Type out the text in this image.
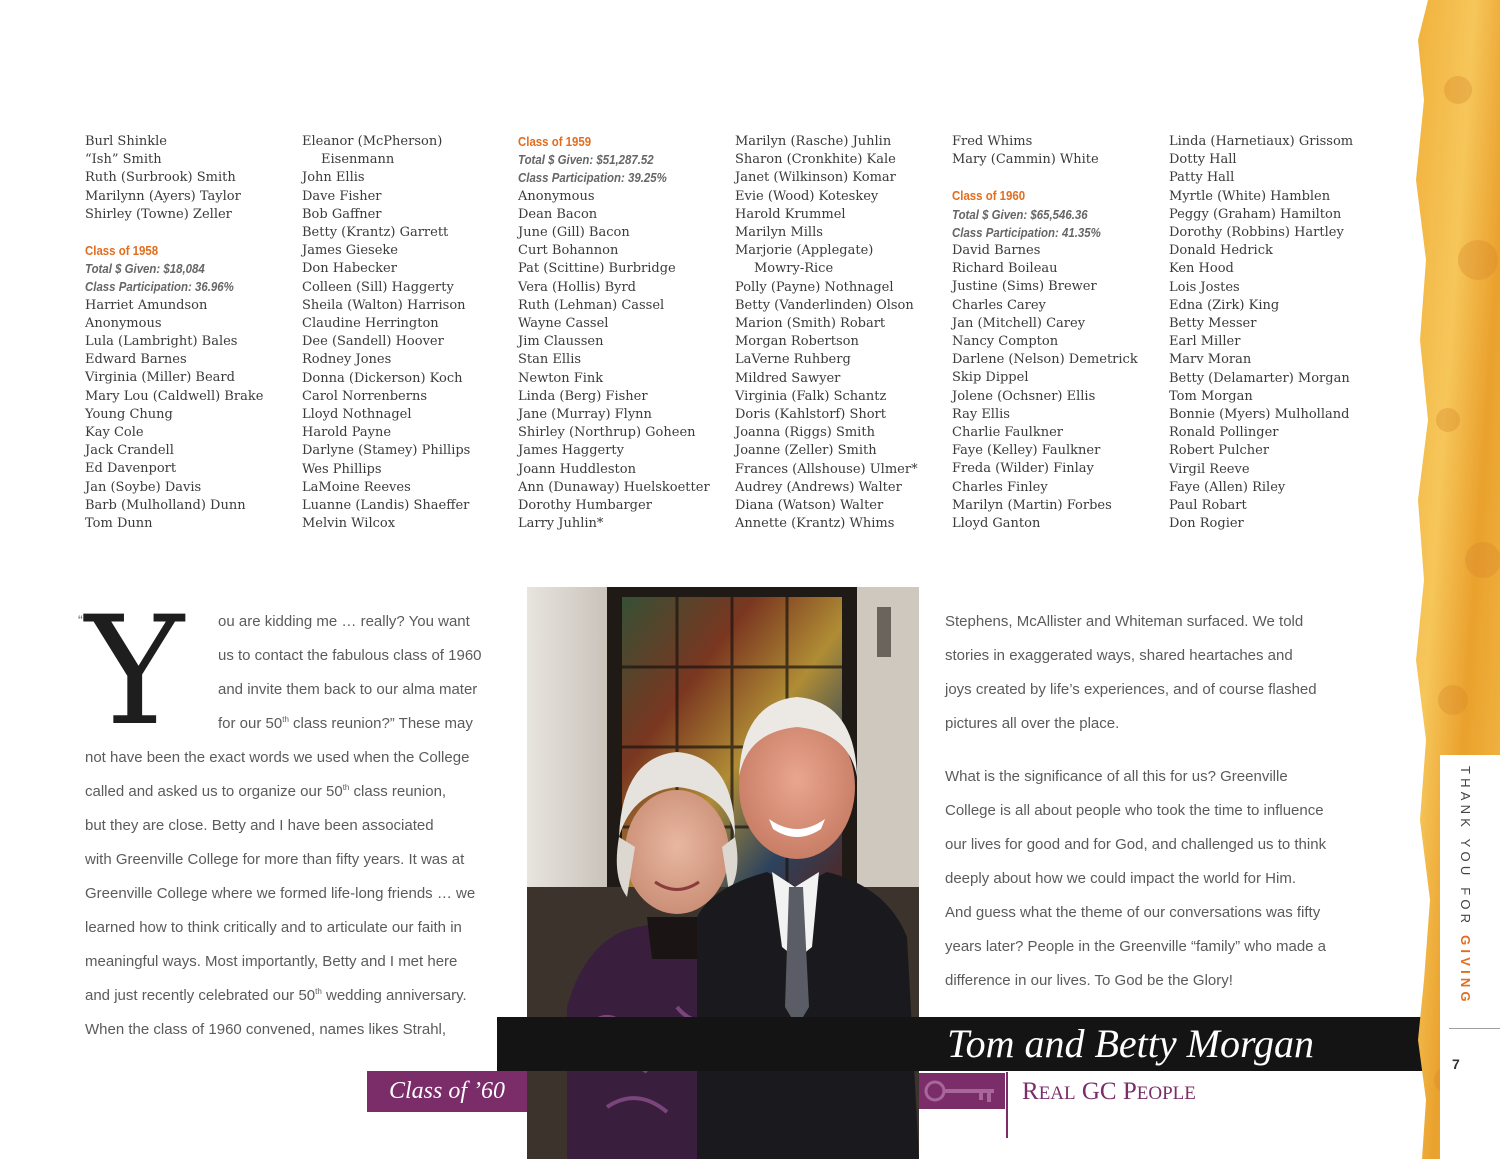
Burl Shinkle
“Ish” Smith
Ruth (Surbrook) Smith
Marilynn (Ayers) Taylor
Shirley (Towne) Zeller
Class of 1958
Total $ Given: $18,084
Class Participation: 36.96%
Harriet Amundson
Anonymous
Lula (Lambright) Bales
Edward Barnes
Virginia (Miller) Beard
Mary Lou (Caldwell) Brake
Young Chung
Kay Cole
Jack Crandell
Ed Davenport
Jan (Soybe) Davis
Barb (Mulholland) Dunn
Tom Dunn
Eleanor (McPherson)
Eisenmann
John Ellis
Dave Fisher
Bob Gaffner
Betty (Krantz) Garrett
James Gieseke
Don Habecker
Colleen (Sill) Haggerty
Sheila (Walton) Harrison
Claudine Herrington
Dee (Sandell) Hoover
Rodney Jones
Donna (Dickerson) Koch
Carol Norrenberns
Lloyd Nothnagel
Harold Payne
Darlyne (Stamey) Phillips
Wes Phillips
LaMoine Reeves
Luanne (Landis) Shaeffer
Melvin Wilcox
Class of 1959
Total $ Given: $51,287.52
Class Participation: 39.25%
Anonymous
Dean Bacon
June (Gill) Bacon
Curt Bohannon
Pat (Scittine) Burbridge
Vera (Hollis) Byrd
Ruth (Lehman) Cassel
Wayne Cassel
Jim Claussen
Stan Ellis
Newton Fink
Linda (Berg) Fisher
Jane (Murray) Flynn
Shirley (Northrup) Goheen
James Haggerty
Joann Huddleston
Ann (Dunaway) Huelskoetter
Dorothy Humbarger
Larry Juhlin*
Marilyn (Rasche) Juhlin
Sharon (Cronkhite) Kale
Janet (Wilkinson) Komar
Evie (Wood) Koteskey
Harold Krummel
Marilyn Mills
Marjorie (Applegate)
Mowry-Rice
Polly (Payne) Nothnagel
Betty (Vanderlinden) Olson
Marion (Smith) Robart
Morgan Robertson
LaVerne Ruhberg
Mildred Sawyer
Virginia (Falk) Schantz
Doris (Kahlstorf) Short
Joanna (Riggs) Smith
Joanne (Zeller) Smith
Frances (Allshouse) Ulmer*
Audrey (Andrews) Walter
Diana (Watson) Walter
Annette (Krantz) Whims
Fred Whims
Mary (Cammin) White
Class of 1960
Total $ Given: $65,546.36
Class Participation: 41.35%
David Barnes
Richard Boileau
Justine (Sims) Brewer
Charles Carey
Jan (Mitchell) Carey
Nancy Compton
Darlene (Nelson) Demetrick
Skip Dippel
Jolene (Ochsner) Ellis
Ray Ellis
Charlie Faulkner
Faye (Kelley) Faulkner
Freda (Wilder) Finlay
Charles Finley
Marilyn (Martin) Forbes
Lloyd Ganton
Linda (Harnetiaux) Grissom
Dotty Hall
Patty Hall
Myrtle (White) Hamblen
Peggy (Graham) Hamilton
Dorothy (Robbins) Hartley
Donald Hedrick
Ken Hood
Lois Jostes
Edna (Zirk) King
Betty Messer
Earl Miller
Marv Moran
Betty (Delamarter) Morgan
Tom Morgan
Bonnie (Myers) Mulholland
Ronald Pollinger
Robert Pulcher
Virgil Reeve
Faye (Allen) Riley
Paul Robart
Don Rogier
“ Y ou are kidding me … really? You want
us to contact the fabulous class of 1960
and invite them back to our alma mater
for our 50th class reunion?” These may
not have been the exact words we used when the College
called and asked us to organize our 50th class reunion,
but they are close. Betty and I have been associated
with Greenville College for more than fifty years. It was at
Greenville College where we formed life-long friends … we
learned how to think critically and to articulate our faith in
meaningful ways. Most importantly, Betty and I met here
and just recently celebrated our 50th wedding anniversary.
When the class of 1960 convened, names likes Strahl,
Stephens, McAllister and Whiteman surfaced. We told
stories in exaggerated ways, shared heartaches and
joys created by life’s experiences, and of course flashed
pictures all over the place.
What is the significance of all this for us? Greenville
College is all about people who took the time to influence
our lives for good and for God, and challenged us to think
deeply about how we could impact the world for Him.
And guess what the theme of our conversations was fifty
years later? People in the Greenville “family” who made a
difference in our lives. To God be the Glory!
Tom and Betty Morgan
Class of ’60	REAL GC PEOPLE
THANK YOU FOR GIVING
7
